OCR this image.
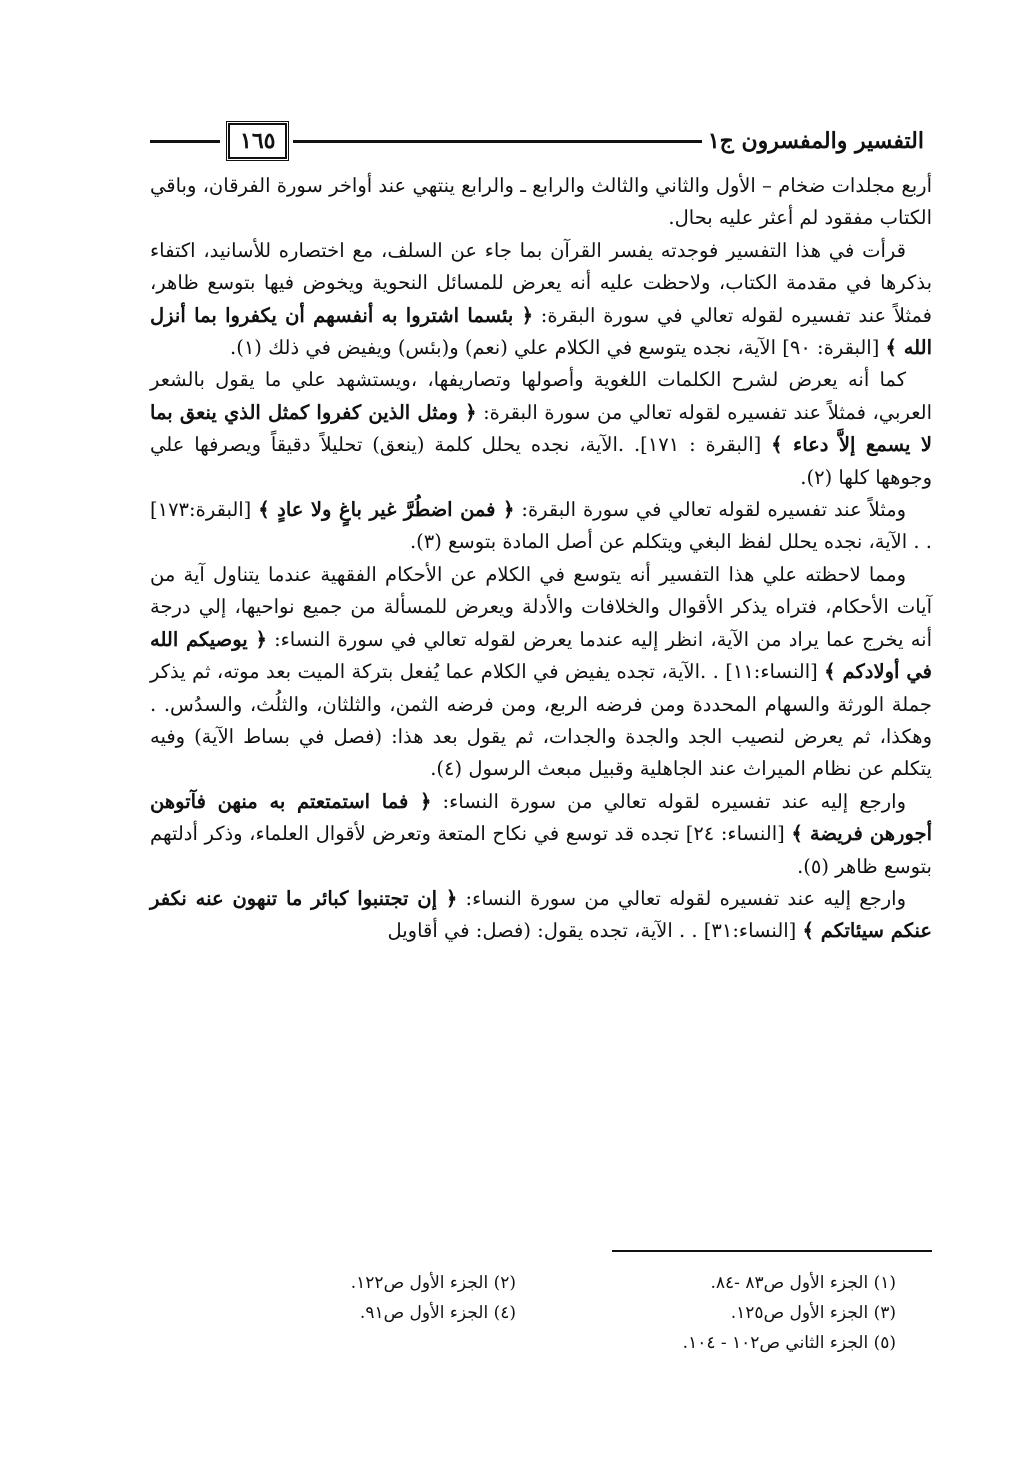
التفسير والمفسرون ج١
١٦٥

أربع مجلدات ضخام – الأول والثاني والثالث والرابع ـ والرابع ينتهي عند أواخر سورة الفرقان، وباقي الكتاب مفقود لم أعثر عليه بحال.

قرأت في هذا التفسير فوجدته يفسر القرآن بما جاء عن السلف، مع اختصاره للأسانيد، اكتفاء بذكرها في مقدمة الكتاب، ولاحظت عليه أنه يعرض للمسائل النحوية ويخوض فيها بتوسع ظاهر، فمثلاً عند تفسيره لقوله تعالي في سورة البقرة: ﴿ بئسما اشتروا به أنفسهم أن يكفروا بما أنزل الله ﴾ [البقرة: ٩٠] الآية، نجده يتوسع في الكلام علي (نعم) و(بئس) ويفيض في ذلك (١).

كما أنه يعرض لشرح الكلمات اللغوية وأصولها وتصاريفها، ،ويستشهد علي ما يقول بالشعر العربي، فمثلاً عند تفسيره لقوله تعالي من سورة البقرة: ﴿ ومثل الذين كفروا كمثل الذي ينعق بما لا يسمع إلاَّ دعاء ﴾ [البقرة : ١٧١]. .الآية، نجده يحلل كلمة (ينعق) تحليلاً دقيقاً ويصرفها علي وجوهها كلها (٢).

ومثلاً عند تفسيره لقوله تعالي في سورة البقرة: ﴿ فمن اضطُرَّ غير باغٍ ولا عادٍ ﴾ [البقرة:١٧٣] . . الآية، نجده يحلل لفظ البغي ويتكلم عن أصل المادة بتوسع (٣).

ومما لاحظته علي هذا التفسير أنه يتوسع في الكلام عن الأحكام الفقهية عندما يتناول آية من آيات الأحكام، فتراه يذكر الأقوال والخلافات والأدلة ويعرض للمسألة من جميع نواحيها، إلي درجة أنه يخرج عما يراد من الآية، انظر إليه عندما يعرض لقوله تعالي في سورة النساء: ﴿ يوصيكم الله في أولادكم ﴾ [النساء:١١] . .الآية، تجده يفيض في الكلام عما يُفعل بتركة الميت بعد موته، ثم يذكر جملة الورثة والسهام المحددة ومن فرضه الربع، ومن فرضه الثمن، والثلثان، والثلُث، والسدُس. . وهكذا، ثم يعرض لنصيب الجد والجدة والجدات، ثم يقول بعد هذا: (فصل في بساط الآية) وفيه يتكلم عن نظام الميراث عند الجاهلية وقبيل مبعث الرسول (٤).

وارجع إليه عند تفسيره لقوله تعالي من سورة النساء: ﴿ فما استمتعتم به منهن فآتوهن أجورهن فريضة ﴾ [النساء: ٢٤] تجده قد توسع في نكاح المتعة وتعرض لأقوال العلماء، وذكر أدلتهم بتوسع ظاهر (٥).

وارجع إليه عند تفسيره لقوله تعالي من سورة النساء: ﴿ إن تجتنبوا كبائر ما تنهون عنه نكفر عنكم سيئاتكم ﴾ [النساء:٣١] . . الآية، تجده يقول: (فصل: في أقاويل

(١) الجزء الأول ص٨٣ -٨٤.
(٢) الجزء الأول ص١٢٢.
(٣) الجزء الأول ص١٢٥.
(٤) الجزء الأول ص٩١.
(٥) الجزء الثاني ص١٠٢ - ١٠٤.
